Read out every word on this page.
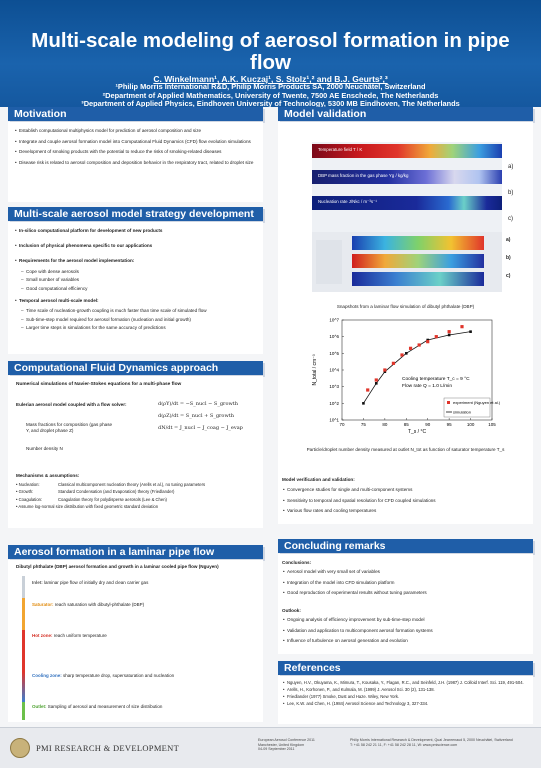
Multi-scale modeling of aerosol formation in pipe flow
C. Winkelmann¹, A.K. Kuczaj¹, S. Stolz¹,² and B.J. Geurts²,³
¹Philip Morris International R&D, Philip Morris Products SA, 2000 Neuchâtel, Switzerland
²Department of Applied Mathematics, University of Twente, 7500 AE Enschede, The Netherlands
³Department of Applied Physics, Eindhoven University of Technology, 5300 MB Eindhoven, The Netherlands
Motivation
• Establish computational multiphysics model for prediction of aerosol composition and size
• Integrate and couple aerosol formation model into Computational Fluid Dynamics (CFD) flow evolution simulations
• Development of smoking products with the potential to reduce the risks of smoking-related diseases
• Disease risk is related to aerosol composition and deposition behavior in the respiratory tract, related to droplet size
Multi-scale aerosol model strategy development
• In-silico computational platform for development of new products
• Inclusion of physical phenomena specific to our applications
• Requirements for the aerosol model implementation:
– Cope with dense aerosols
– Small number of variables
– Good computational efficiency
• Temporal aerosol multi-scale model:
– Time scale of nucleation-growth coupling is much faster than time scale of simulated flow
– Sub-time-step model required for aerosol formation (nucleation and initial growth)
– Larger time steps in simulations for the same accuracy of predictions
Computational Fluid Dynamics approach
Numerical simulations of Navier-Stokes equations for a multi-phase flow
Eulerian aerosol model coupled with a flow solver:
Mass fractions for composition (gas phase Y, and droplet phase Z)
Number density N
d(ρY)/dt = −S_nucl − S_growth
d(ρZ)/dt = S_nucl + S_growth
dN/dt = J_nucl − J_coag − J_evap
Mechanisms & assumptions:
• Nucleation:	Classical multicomponent nucleation theory (Arells et al.), no tuning parameters
• Growth:	Standard Condensation (and Evaporation) theory (Friedlander)
• Coagulation:	Coagulation theory for polydisperse aerosols (Lee & Chen)
• Assume log-normal size distribution with fixed geometric standard deviation
Aerosol formation in a laminar pipe flow
Dibutyl phthalate (DBP) aerosol formation and growth in a laminar cooled pipe flow (Nguyen)
Inlet: laminar pipe flow of initially dry and clean carrier gas
Saturator: reach saturation with dibutyl-phthalate (DBP)
Hot zone: reach uniform temperature
Cooling zone: sharp temperature drop, supersaturation and nucleation
Outlet: Sampling of aerosol and measurement of size distribution
Model validation
Temperature field T / K
DBP mass fraction in the gas phase Yg / kg/kg
Nucleation rate J/Nkc / m⁻³s⁻¹
a)
b)
c)
a)
b)
c)
Snapshots from a laminar flow simulation of dibutyl phthalate (DBP)
70	75	80	85	90	95	100	105
10^1
10^2
10^3
10^4
10^5
10^6
10^7
T_s / °C
N_total / cm⁻³	Cooling temperature T_c = 9 °C
Flow rate Q = 1.0 L/min
experiment (Nguyen et al.)
simulation
Particle/droplet number density measured at outlet N_tot as function of saturator temperature T_s
Model verification and validation:
• Convergence studies for single and multi-component systems
• Sensitivity to temporal and spatial resolution for CFD coupled simulations
• Various flow rates and cooling temperatures
Concluding remarks
Conclusions:
• Aerosol model with very small set of variables
• Integration of the model into CFD simulation platform
• Good reproduction of experimental results without tuning parameters
Outlook:
• Ongoing analysis of efficiency improvement by sub-time-step model
• Validation and application to multicomponent aerosol formation systems
• Influence of turbulence on aerosol generation and evolution
References
• Nguyen, H.V., Okuyama, K., Mimura, T., Kousaka, Y., Flagan, R.C., and Seinfeld, J.H. (1987) J. Colloid Interf. Sci. 119, 491-504.
• Arells, H., Korhonen, P., and Kulmala, M. (1999) J. Aerosol Sci. 30 (2), 131-138.
• Friedlander (1977) Smoke, Dust and Haze. Wiley, New York.
• Lee, K.W. and Chen, H. (1984) Aerosol Science and Technology 3, 327-334.
PMI RESEARCH & DEVELOPMENT
European Aerosol Conference 2011
Manchester, United Kingdom
04-09 September 2011
Philip Morris International Research & Development, Quai Jeanrenaud 5, 2000 Neuchâtel, Switzerland
T: +41 58 242 21 11, F: +41 58 242 28 11, W: www.pmiscience.com
